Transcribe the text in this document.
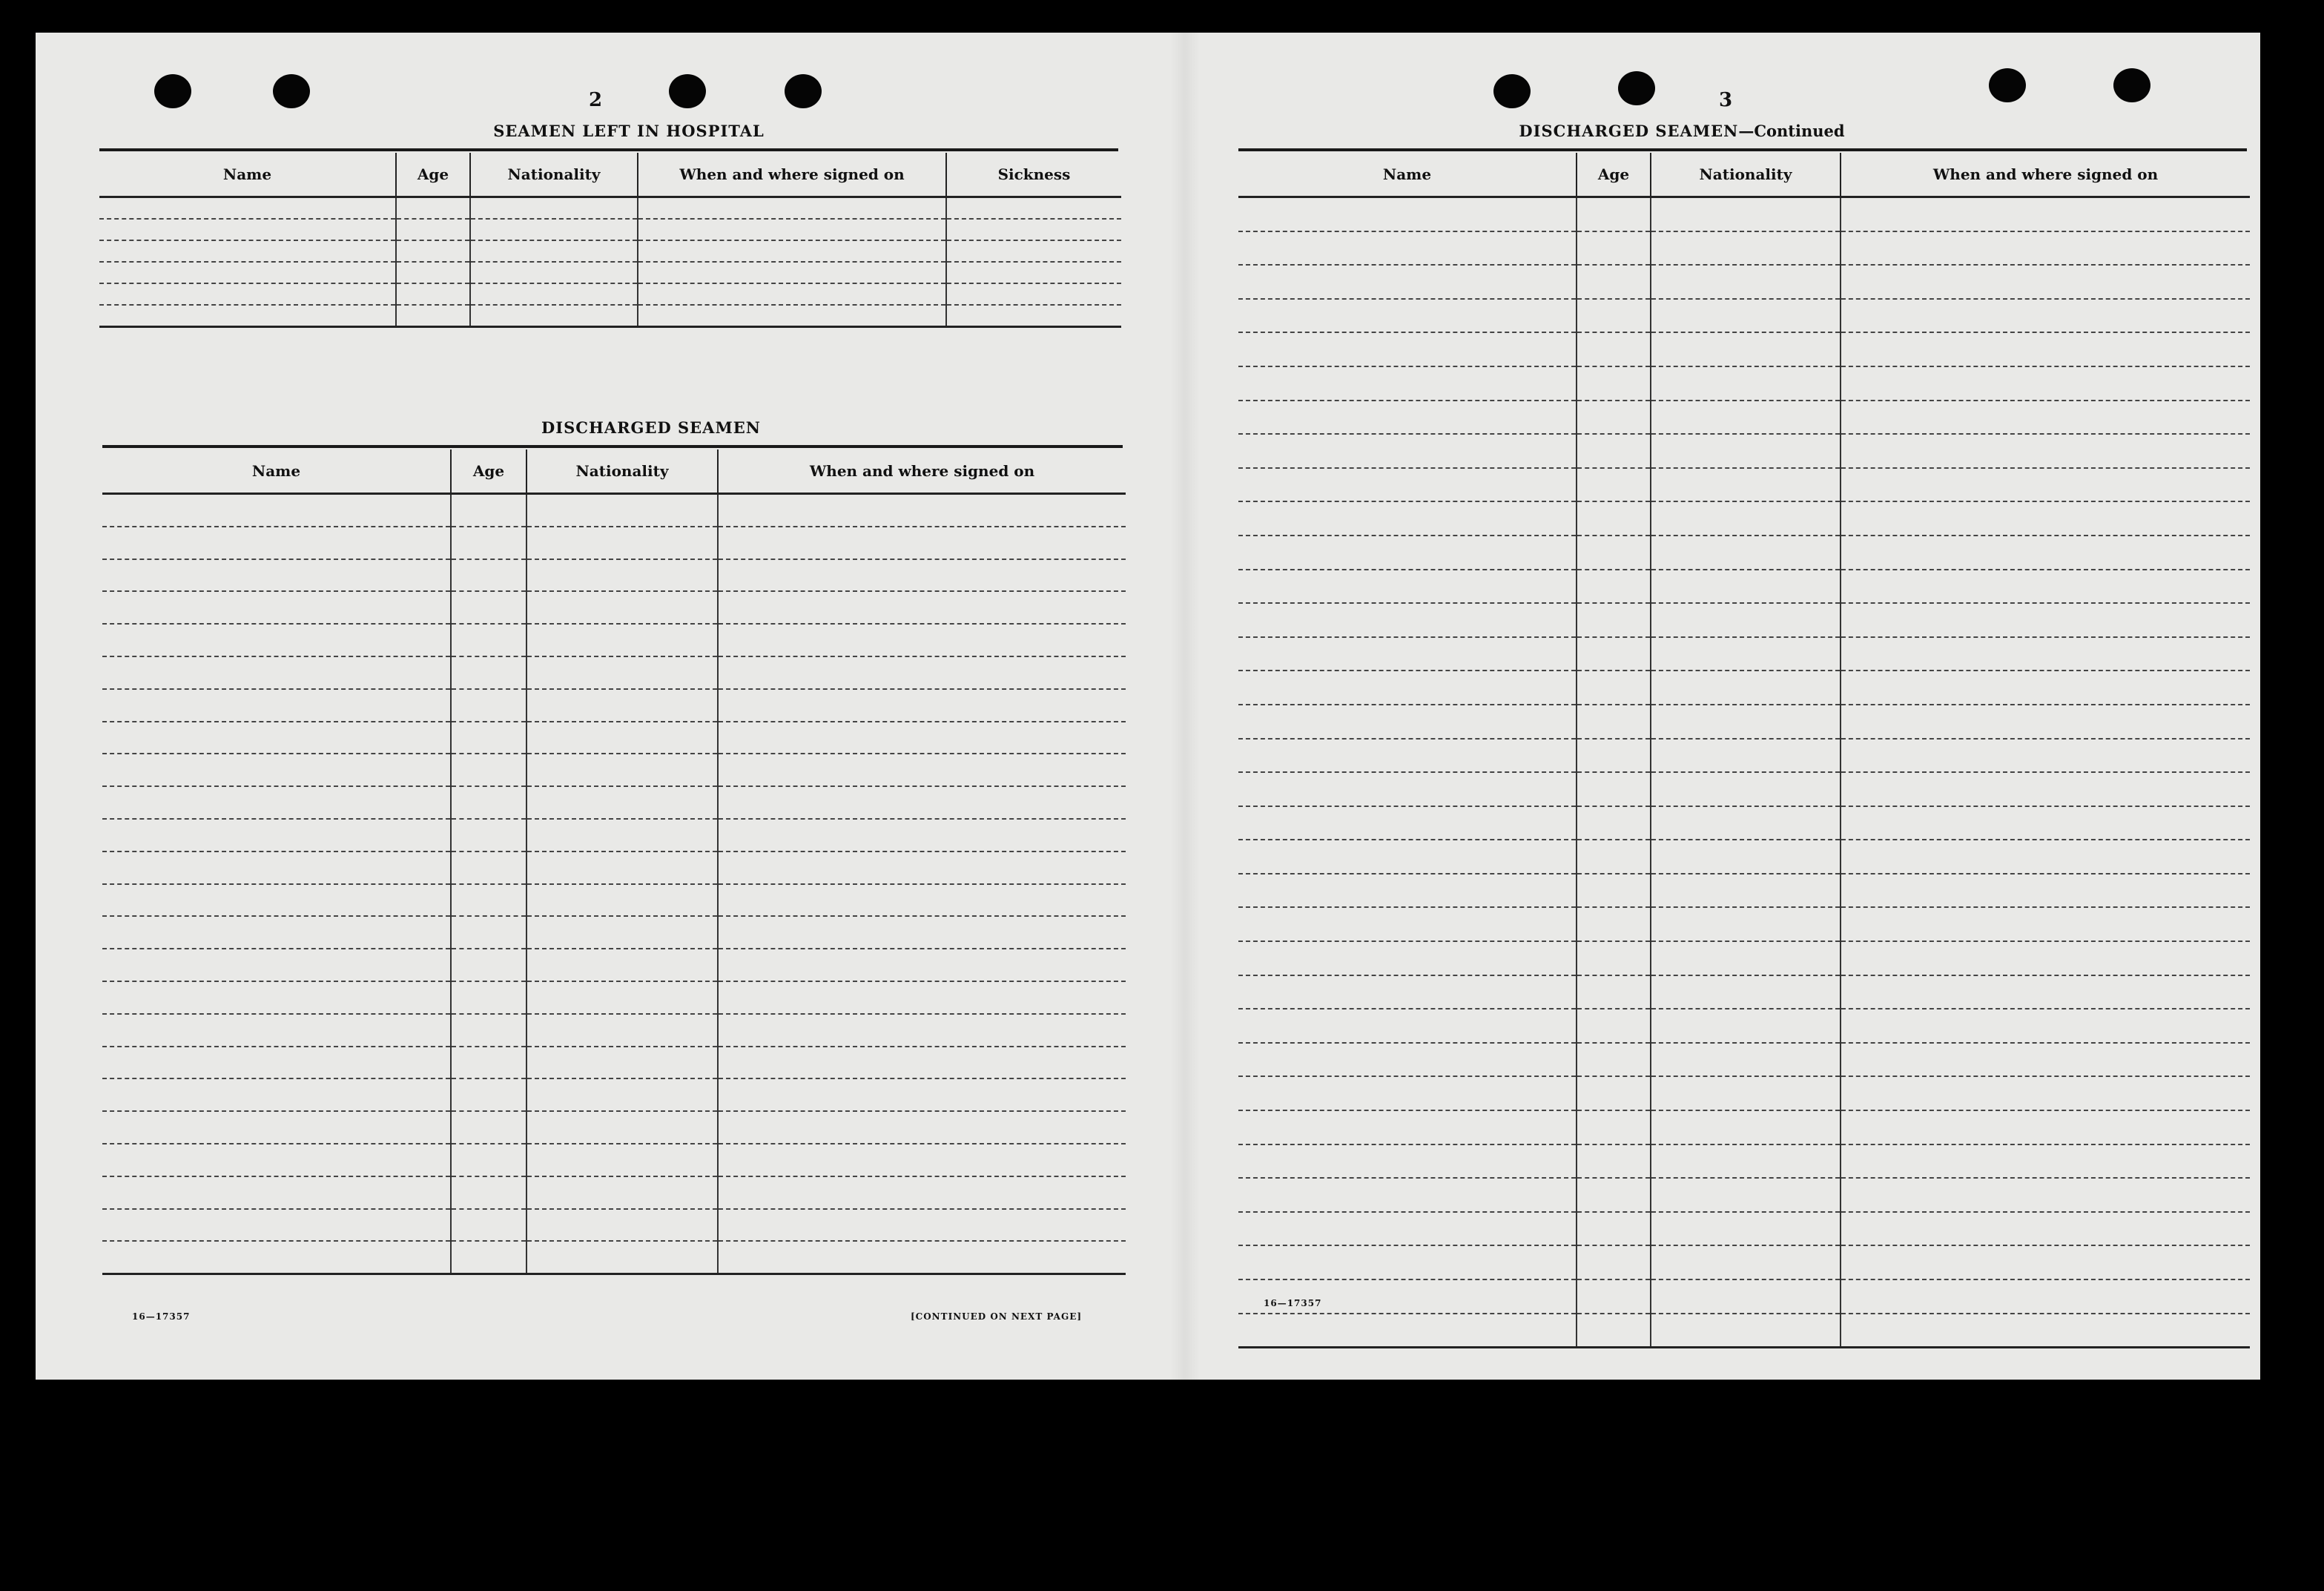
2
SEAMEN LEFT IN HOSPITAL
Name	Age	Nationality	When and where signed on	Sickness

DISCHARGED SEAMEN
Name	Age	Nationality	When and where signed on

16—17357	[CONTINUED ON NEXT PAGE]
3
DISCHARGED SEAMEN—Continued
Name	Age	Nationality	When and where signed on

16—17357
